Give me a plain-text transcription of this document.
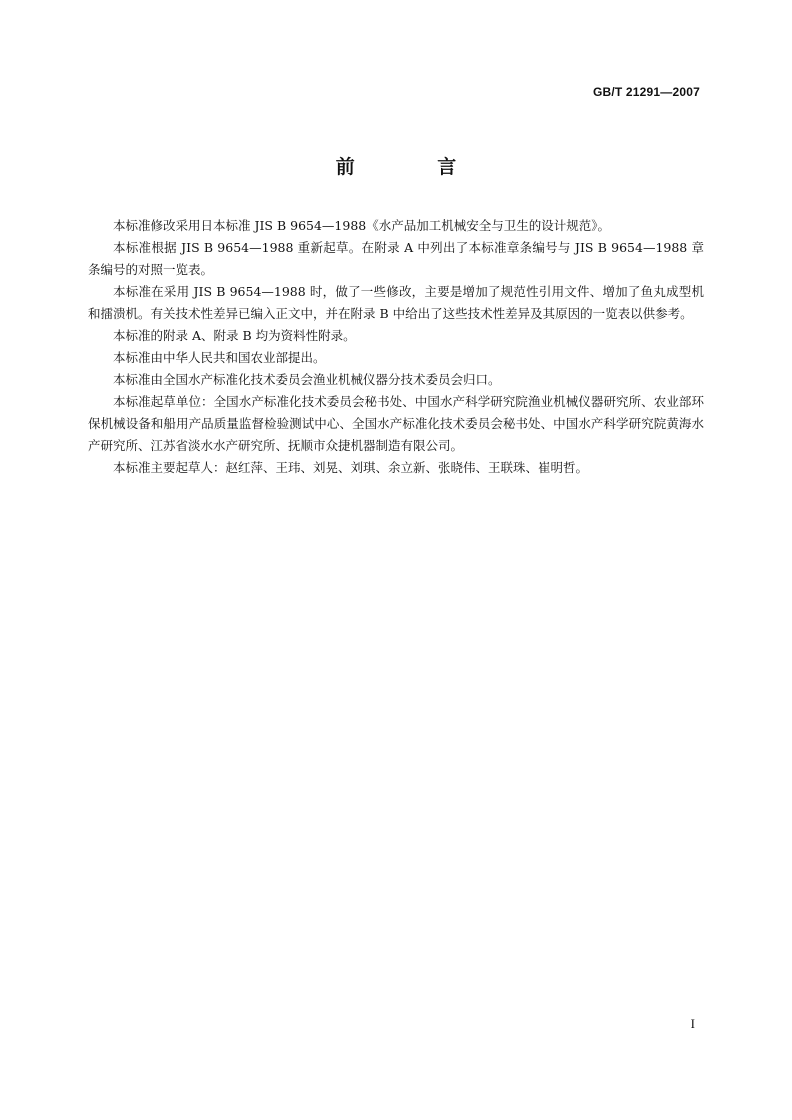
GB/T 21291—2007
前 言

本标准修改采用日本标准 JIS B 9654—1988《水产品加工机械安全与卫生的设计规范》。

本标准根据 JIS B 9654—1988 重新起草。在附录 A 中列出了本标准章条编号与 JIS B 9654—1988 章条编号的对照一览表。

本标准在采用 JIS B 9654—1988 时，做了一些修改，主要是增加了规范性引用文件、增加了鱼丸成型机和擂溃机。有关技术性差异已编入正文中，并在附录 B 中给出了这些技术性差异及其原因的一览表以供参考。

本标准的附录 A、附录 B 均为资料性附录。

本标准由中华人民共和国农业部提出。

本标准由全国水产标准化技术委员会渔业机械仪器分技术委员会归口。

本标准起草单位：全国水产标准化技术委员会秘书处、中国水产科学研究院渔业机械仪器研究所、农业部环保机械设备和船用产品质量监督检验测试中心、全国水产标准化技术委员会秘书处、中国水产科学研究院黄海水产研究所、江苏省淡水水产研究所、抚顺市众捷机器制造有限公司。

本标准主要起草人：赵红萍、王玮、刘晃、刘琪、余立新、张晓伟、王联珠、崔明哲。

I
